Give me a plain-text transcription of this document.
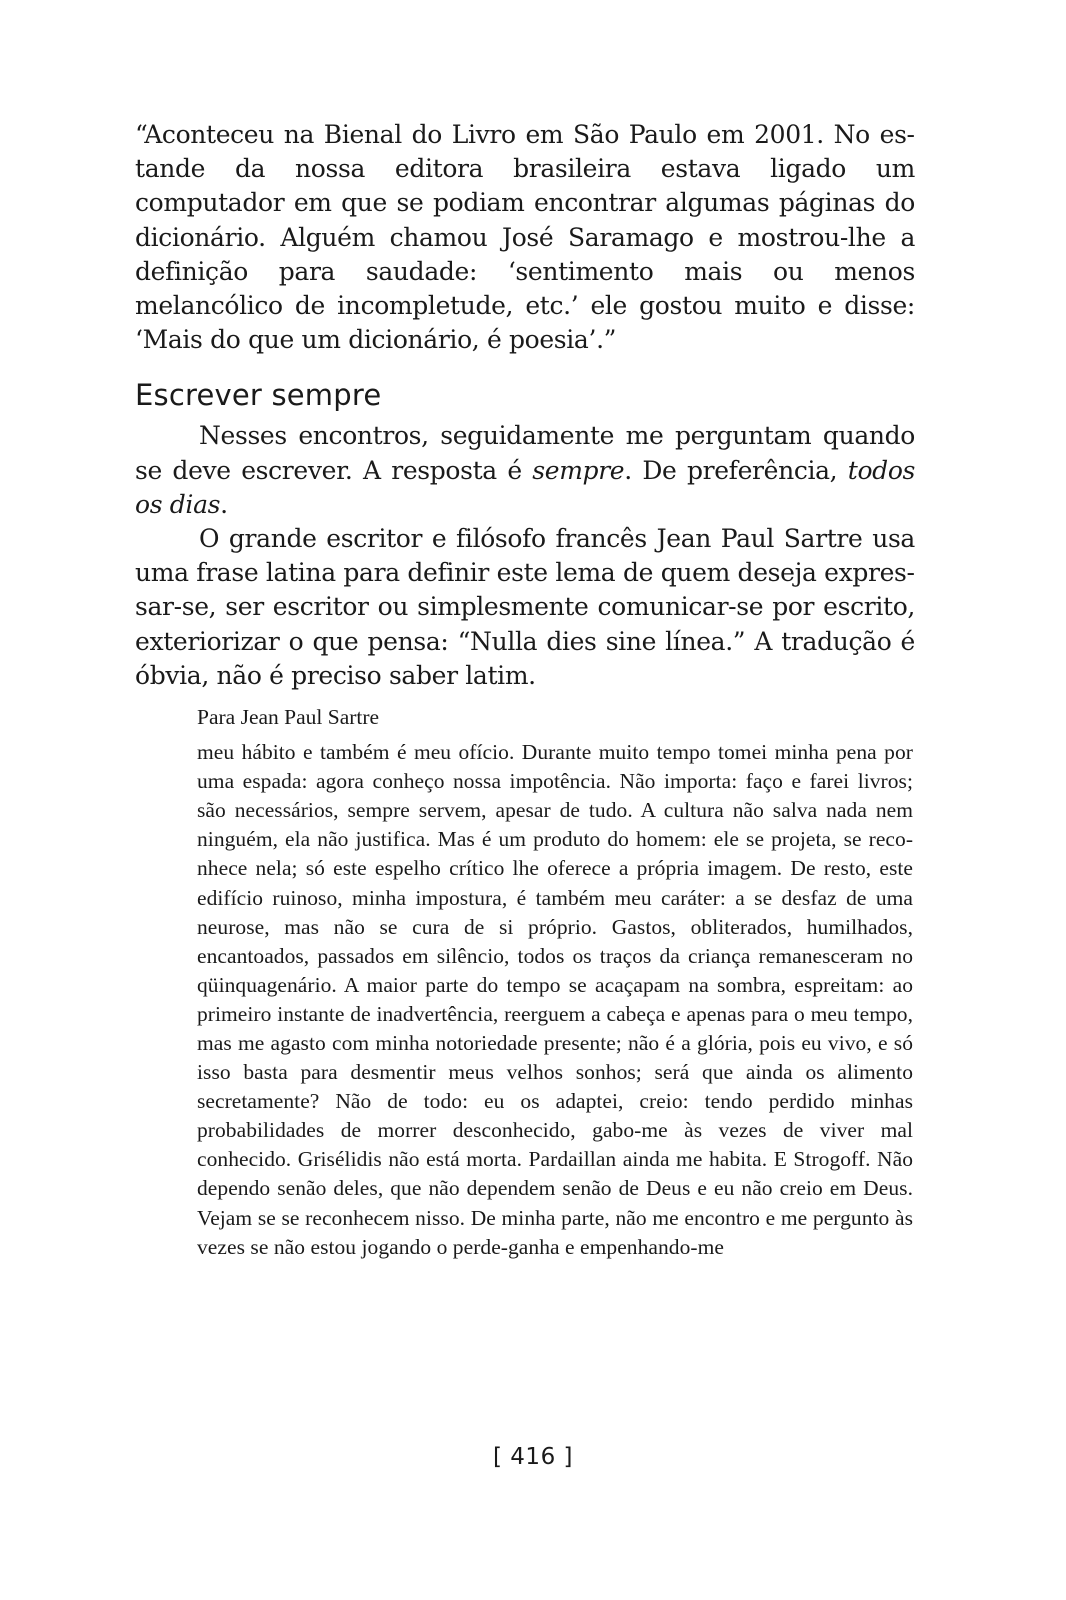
“Aconteceu na Bienal do Livro em São Paulo em 2001. No estande da nossa editora brasileira estava ligado um computador em que se podiam encontrar algumas páginas do dicionário. Alguém chamou José Saramago e mostrou-lhe a definição para saudade: ‘sentimento mais ou menos melancólico de incompletude, etc.’ ele gostou muito e disse: ‘Mais do que um dicionário, é poesia’.”

Escrever sempre

Nesses encontros, seguidamente me perguntam quando se deve escrever. A resposta é sempre. De preferência, todos os dias.

O grande escritor e filósofo francês Jean Paul Sartre usa uma frase latina para definir este lema de quem deseja expressar-se, ser escritor ou simplesmente comunicar-se por escrito, exteriorizar o que pensa: “Nulla dies sine línea.” A tradução é óbvia, não é preciso saber latim.

Para Jean Paul Sartre

meu hábito e também é meu ofício. Durante muito tempo tomei minha pena por uma espada: agora conheço nossa impotência. Não importa: faço e farei livros; são necessários, sempre servem, apesar de tudo. A cultura não salva nada nem ninguém, ela não justifica. Mas é um produto do homem: ele se projeta, se reconhece nela; só este espelho crítico lhe oferece a própria imagem. De resto, este edifício ruinoso, minha impostura, é também meu caráter: a se desfaz de uma neurose, mas não se cura de si próprio. Gastos, obliterados, humilhados, encantoados, passados em silêncio, todos os traços da criança remanesceram no qüinquagenário. A maior parte do tempo se acaçapam na sombra, espreitam: ao primeiro instante de inadvertência, reerguem a cabeça e apenas para o meu tempo, mas me agasto com minha notoriedade presente; não é a glória, pois eu vivo, e só isso basta para desmentir meus velhos sonhos; será que ainda os alimento secretamente? Não de todo: eu os adaptei, creio: tendo perdido minhas probabilidades de morrer desconhecido, gabo-me às vezes de viver mal conhecido. Grisélidis não está morta. Pardaillan ainda me habita. E Strogoff. Não dependo senão deles, que não dependem senão de Deus e eu não creio em Deus. Vejam se se reconhecem nisso. De minha parte, não me encontro e me pergunto às vezes se não estou jogando o perde-ganha e empenhando-me

[ 416 ]
